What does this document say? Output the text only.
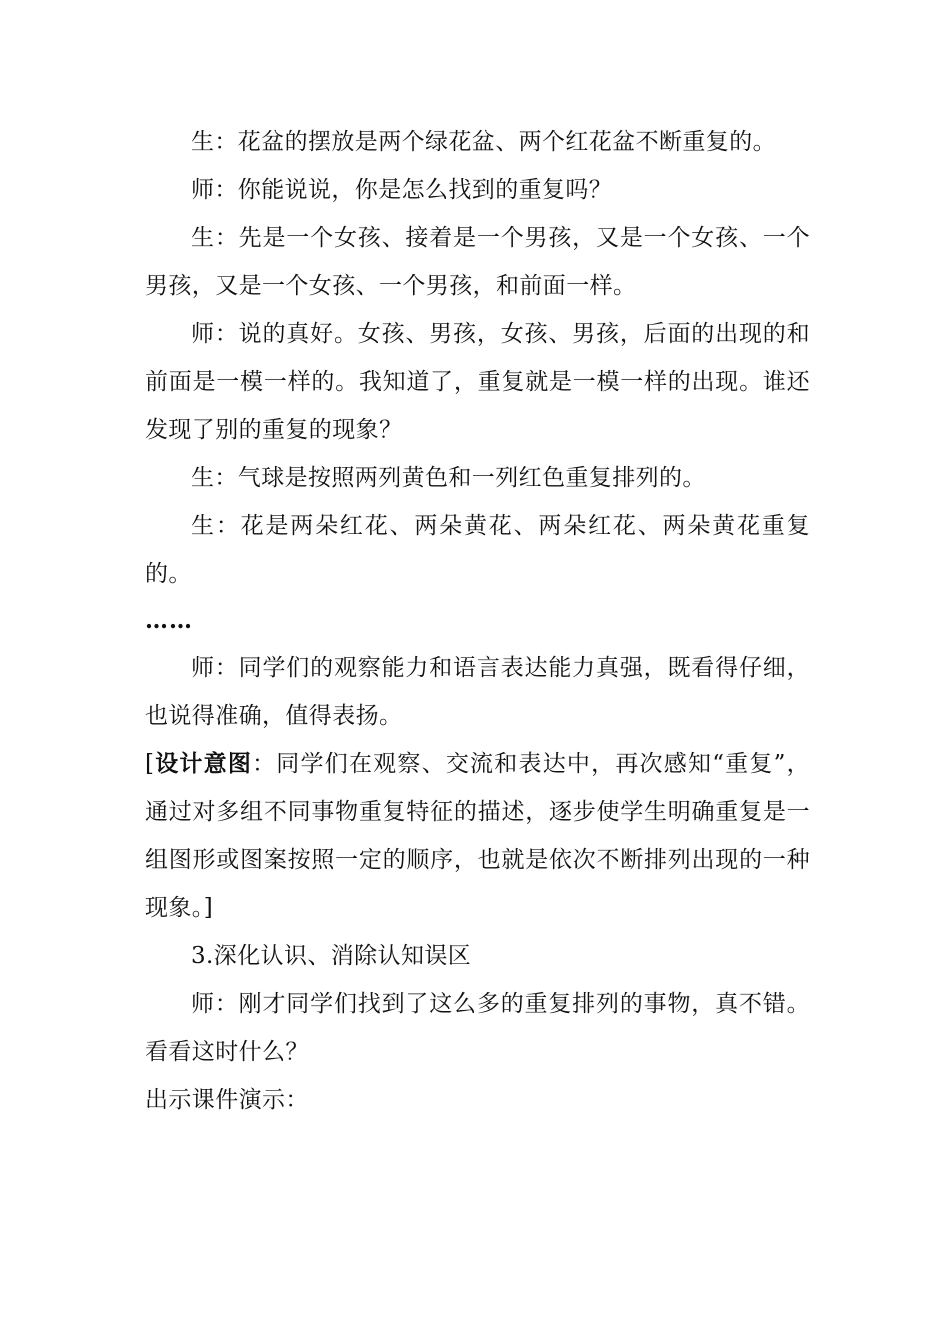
生：花盆的摆放是两个绿花盆、两个红花盆不断重复的。

师：你能说说，你是怎么找到的重复吗？

生：先是一个女孩、接着是一个男孩，又是一个女孩、一个男孩，又是一个女孩、一个男孩，和前面一样。

师：说的真好。女孩、男孩，女孩、男孩，后面的出现的和前面是一模一样的。我知道了，重复就是一模一样的出现。谁还发现了别的重复的现象？

生：气球是按照两列黄色和一列红色重复排列的。

生：花是两朵红花、两朵黄花、两朵红花、两朵黄花重复的。

……

师：同学们的观察能力和语言表达能力真强，既看得仔细，也说得准确，值得表扬。

[设计意图：同学们在观察、交流和表达中，再次感知“重复”，通过对多组不同事物重复特征的描述，逐步使学生明确重复是一组图形或图案按照一定的顺序，也就是依次不断排列出现的一种现象。]

3.深化认识、消除认知误区

师：刚才同学们找到了这么多的重复排列的事物，真不错。看看这时什么？

出示课件演示：
